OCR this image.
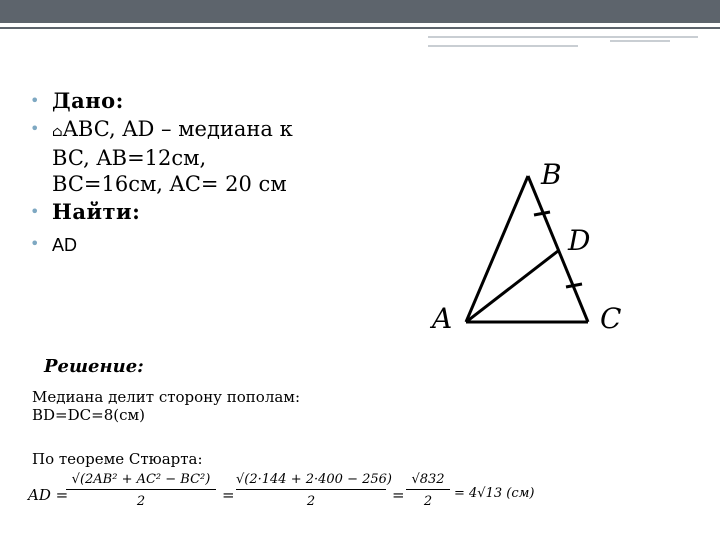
• Дано:
• ⌂ABC, AD – медиана к
BC, AB=12см,
BC=16см, AC= 20 см
• Найти:
• AD
B
D
A	C
Решение:
Медиана делит сторону пополам:
BD=DC=8(см)
По теореме Стюарта:
AD =
√(2AB² + AC² − BC²)
2	=
√(2·144 + 2·400 − 256)
2	=
√832
2
= 4√13 (см)
